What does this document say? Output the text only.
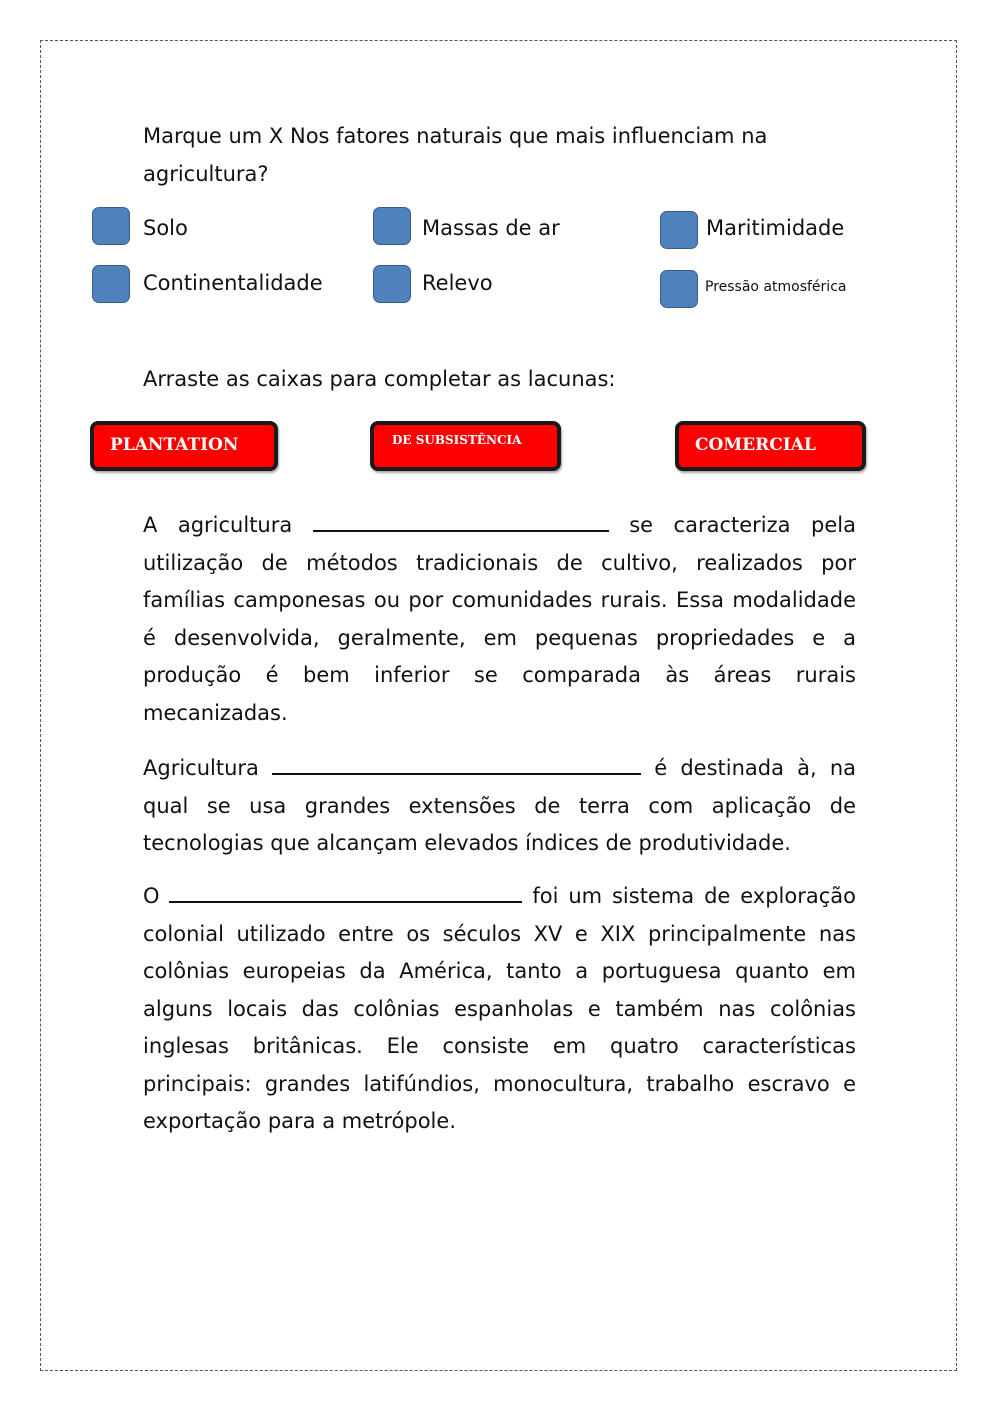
Marque um X Nos fatores naturais que mais influenciam na agricultura?
Solo	Massas de ar	Maritimidade
Continentalidade	Relevo	Pressão atmosférica
Arraste as caixas para completar as lacunas:
PLANTATION	DE SUBSISTÊNCIA	COMERCIAL
A agricultura	se caracteriza pela utilização de métodos tradicionais de cultivo, realizados por famílias camponesas ou por comunidades rurais. Essa modalidade é desenvolvida, geralmente, em pequenas propriedades e a produção é bem inferior se comparada às áreas rurais mecanizadas.
Agricultura	é destinada à, na qual se usa grandes extensões de terra com aplicação de tecnologias que alcançam elevados índices de produtividade.
O	foi um sistema de exploração colonial utilizado entre os séculos XV e XIX principalmente nas colônias europeias da América, tanto a portuguesa quanto em alguns locais das colônias espanholas e também nas colônias inglesas britânicas. Ele consiste em quatro características principais: grandes latifúndios, monocultura, trabalho escravo e exportação para a metrópole.
